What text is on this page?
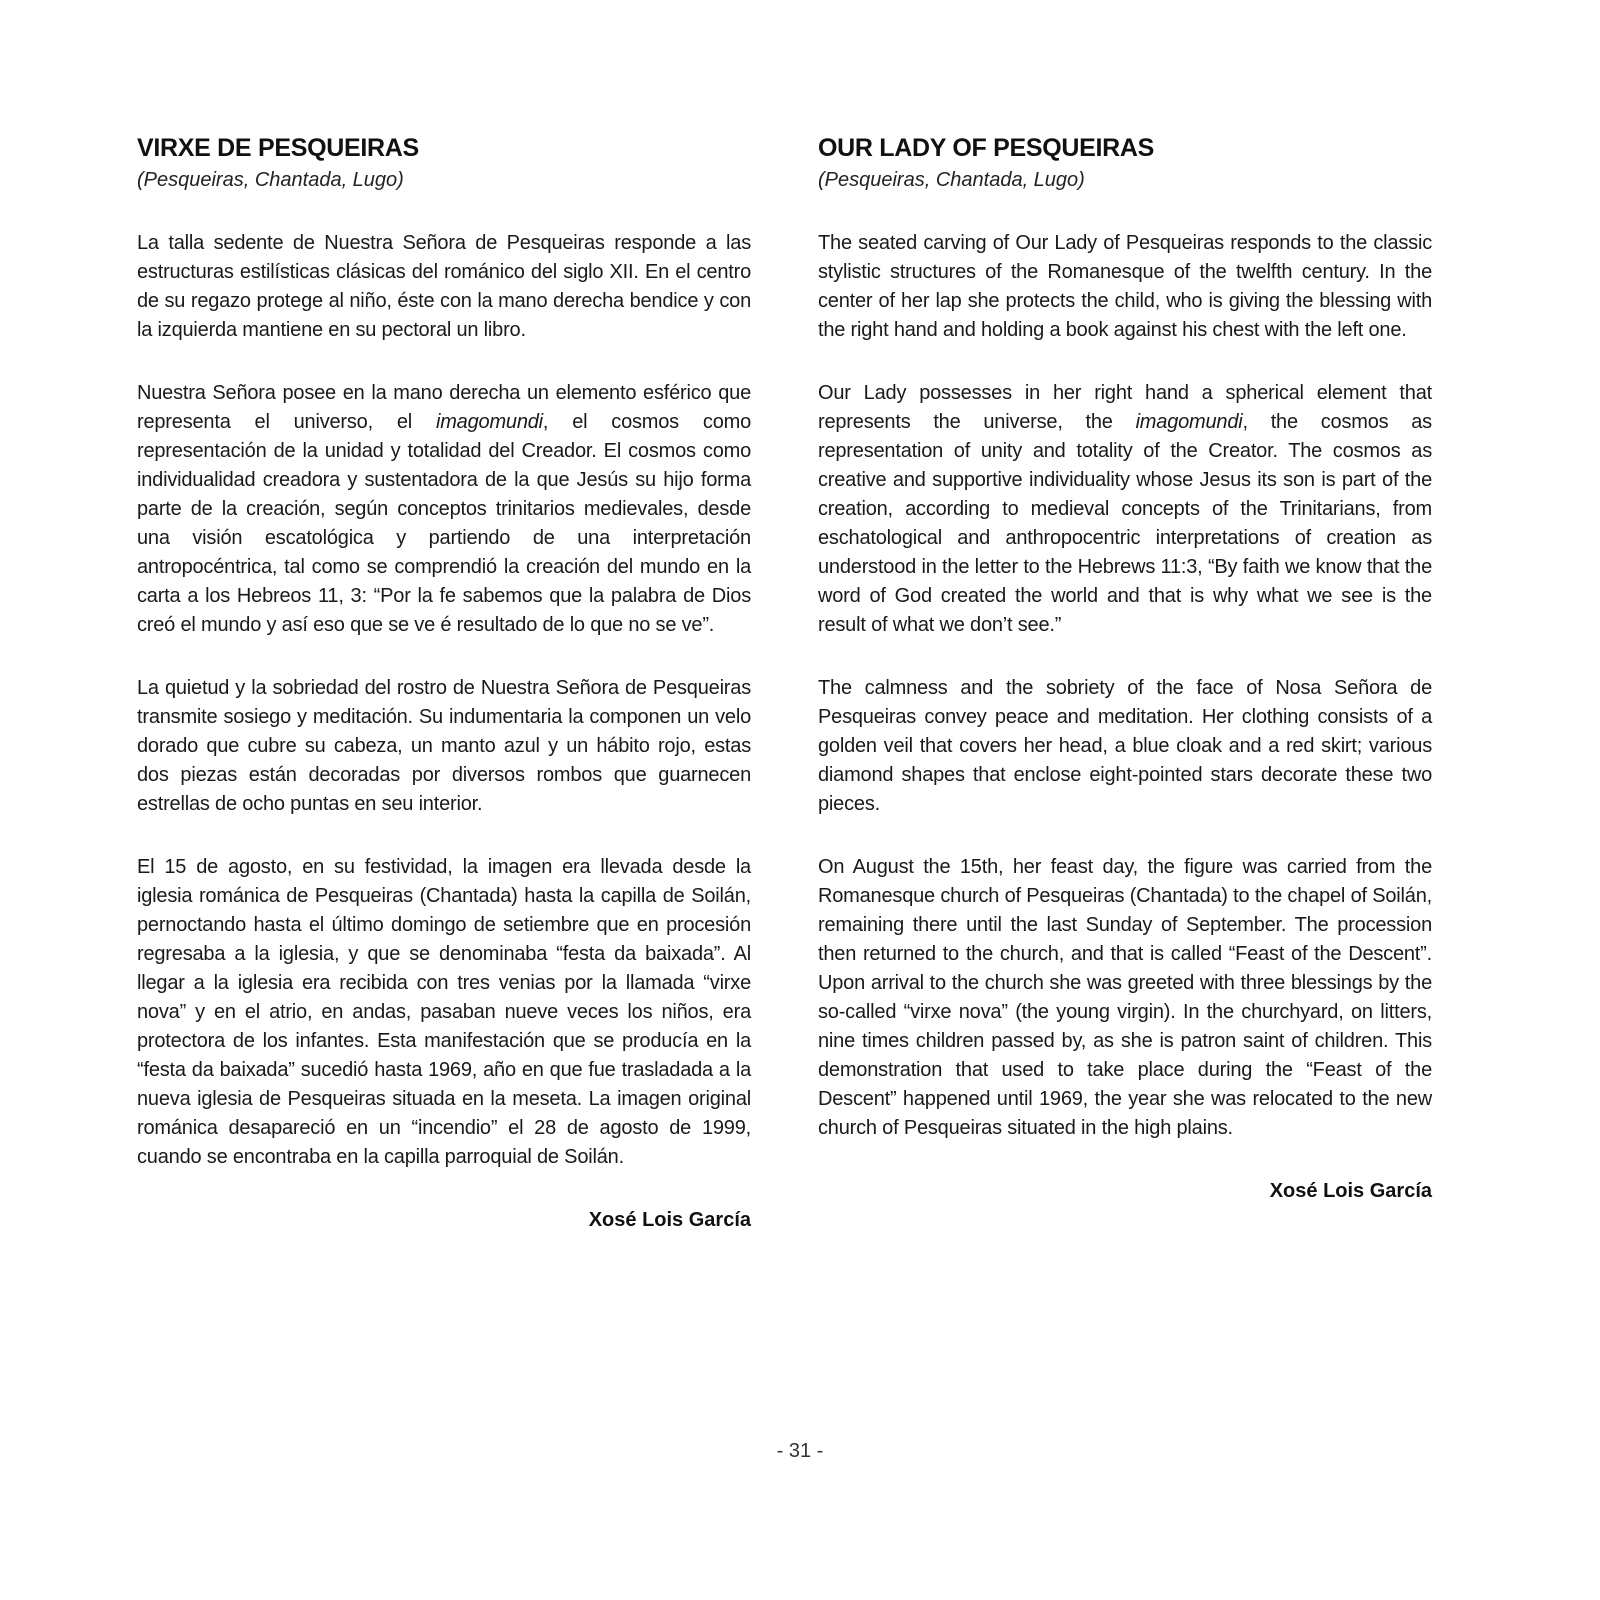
VIRXE DE PESQUEIRAS

(Pesqueiras, Chantada, Lugo)

La talla sedente de Nuestra Señora de Pesqueiras responde a las estructuras estilísticas clásicas del románico del siglo XII. En el centro de su regazo protege al niño, éste con la mano derecha bendice y con la izquierda mantiene en su pectoral un libro.

Nuestra Señora posee en la mano derecha un elemento esférico que representa el universo, el imagomundi, el cosmos como representación de la unidad y totalidad del Creador. El cosmos como individualidad creadora y sustentadora de la que Jesús su hijo forma parte de la creación, según conceptos trinitarios medievales, desde una visión escatológica y partiendo de una interpretación antropocéntrica, tal como se comprendió la creación del mundo en la carta a los Hebreos 11, 3: “Por la fe sabemos que la palabra de Dios creó el mundo y así eso que se ve é resultado de lo que no se ve”.

La quietud y la sobriedad del rostro de Nuestra Señora de Pesqueiras transmite sosiego y meditación. Su indumentaria la componen un velo dorado que cubre su cabeza, un manto azul y un hábito rojo, estas dos piezas están decoradas por diversos rombos que guarnecen estrellas de ocho puntas en seu interior.

El 15 de agosto, en su festividad, la imagen era llevada desde la iglesia románica de Pesqueiras (Chantada) hasta la capilla de Soilán, pernoctando hasta el último domingo de setiembre que en procesión regresaba a la iglesia, y que se denominaba “festa da baixada”. Al llegar a la iglesia era recibida con tres venias por la llamada “virxe nova” y en el atrio, en andas, pasaban nueve veces los niños, era protectora de los infantes. Esta manifestación que se producía en la “festa da baixada” sucedió hasta 1969, año en que fue trasladada a la nueva iglesia de Pesqueiras situada en la meseta. La imagen original románica desapareció en un “incendio” el 28 de agosto de 1999, cuando se encontraba en la capilla parroquial de Soilán.

Xosé Lois García

OUR LADY OF PESQUEIRAS

(Pesqueiras, Chantada, Lugo)

The seated carving of Our Lady of Pesqueiras responds to the classic stylistic structures of the Romanesque of the twelfth century. In the center of her lap she protects the child, who is giving the blessing with the right hand and holding a book against his chest with the left one.

Our Lady possesses in her right hand a spherical element that represents the universe, the imagomundi, the cosmos as representation of unity and totality of the Creator. The cosmos as creative and supportive individuality whose Jesus its son is part of the creation, according to medieval concepts of the Trinitarians, from eschatological and anthropocentric interpretations of creation as understood in the letter to the Hebrews 11:3, “By faith we know that the word of God created the world and that is why what we see is the result of what we don’t see.”

The calmness and the sobriety of the face of Nosa Señora de Pesqueiras convey peace and meditation. Her clothing consists of a golden veil that covers her head, a blue cloak and a red skirt; various diamond shapes that enclose eight-pointed stars decorate these two pieces.

On August the 15th, her feast day, the figure was carried from the Romanesque church of Pesqueiras (Chantada) to the chapel of Soilán, remaining there until the last Sunday of September. The procession then returned to the church, and that is called “Feast of the Descent”. Upon arrival to the church she was greeted with three blessings by the so-called “virxe nova” (the young virgin). In the churchyard, on litters, nine times children passed by, as she is patron saint of children. This demonstration that used to take place during the “Feast of the Descent” happened until 1969, the year she was relocated to the new church of Pesqueiras situated in the high plains.

Xosé Lois García

- 31 -
